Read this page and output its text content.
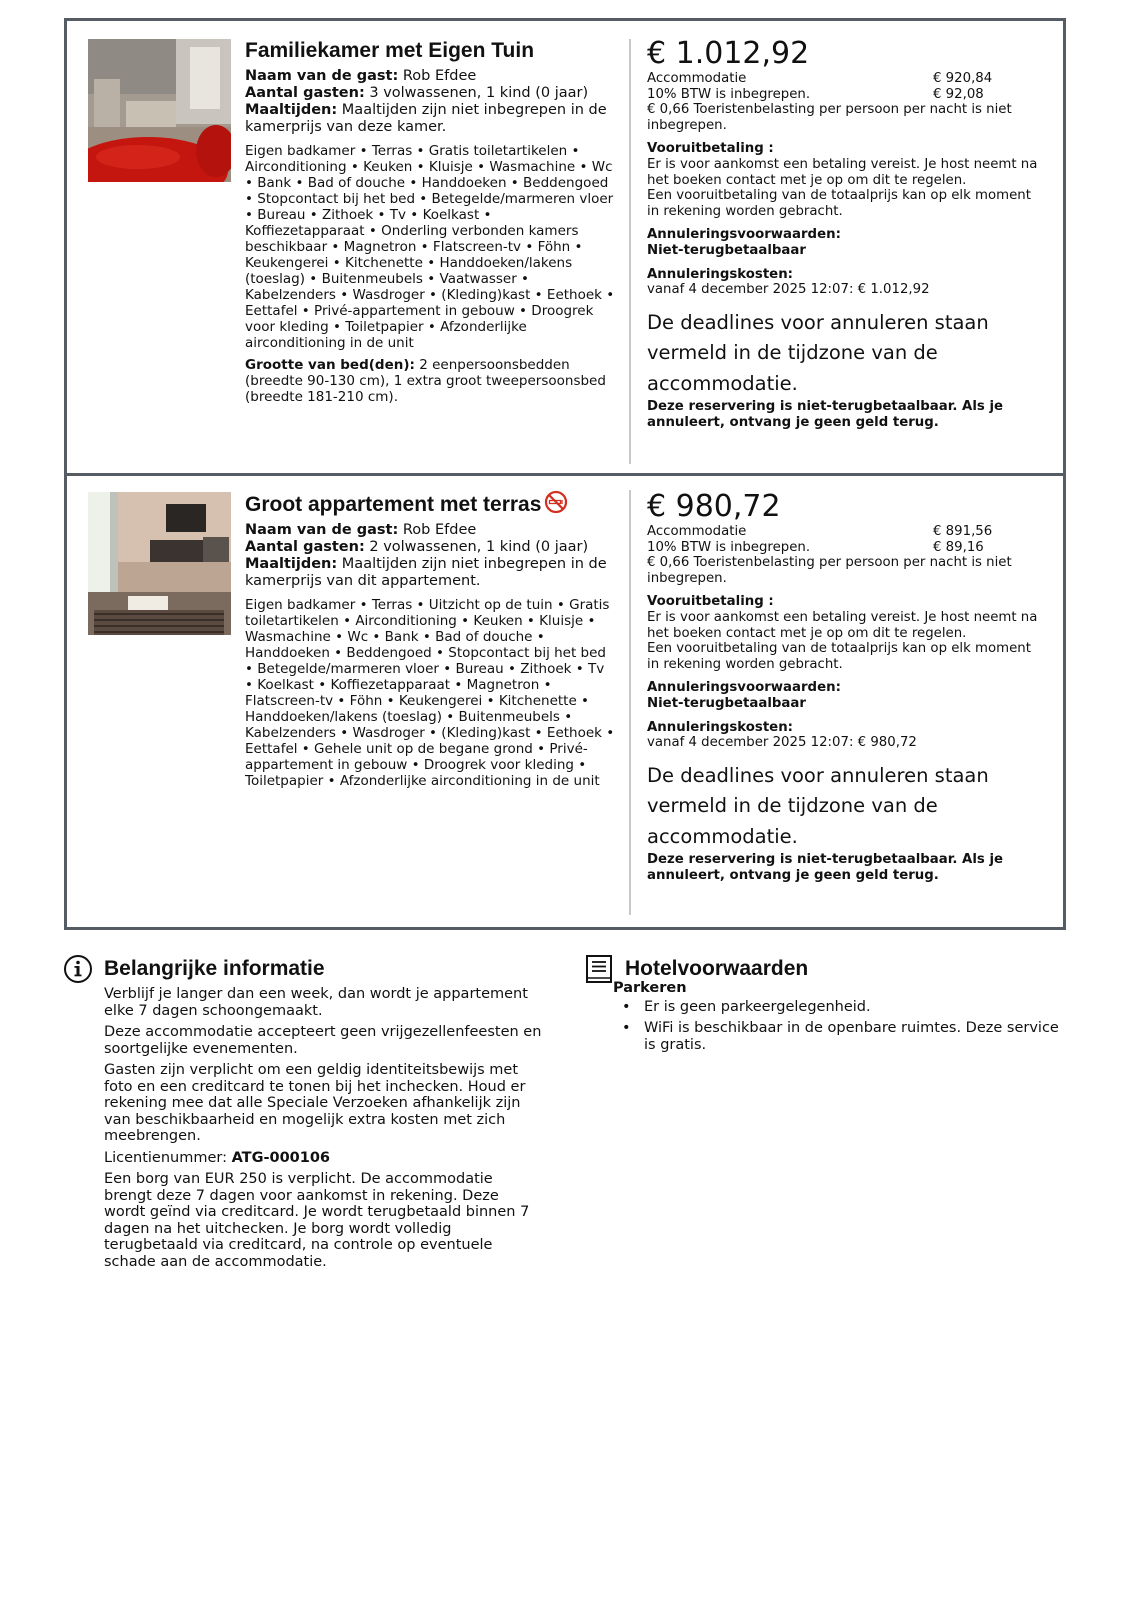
Familiekamer met Eigen Tuin
Naam van de gast: Rob Efdee
Aantal gasten: 3 volwassenen, 1 kind (0 jaar)
Maaltijden: Maaltijden zijn niet inbegrepen in de kamerprijs van deze kamer.
Eigen badkamer • Terras • Gratis toiletartikelen • Airconditioning • Keuken • Kluisje • Wasmachine • Wc • Bank • Bad of douche • Handdoeken • Beddengoed • Stopcontact bij het bed • Betegelde/marmeren vloer • Bureau • Zithoek • Tv • Koelkast • Koffiezetapparaat • Onderling verbonden kamers beschikbaar • Magnetron • Flatscreen-tv • Föhn • Keukengerei • Kitchenette • Handdoeken/lakens (toeslag) • Buitenmeubels • Vaatwasser • Kabelzenders • Wasdroger • (Kleding)kast • Eethoek • Eettafel • Privé-appartement in gebouw • Droogrek voor kleding • Toiletpapier • Afzonderlijke airconditioning in de unit
Grootte van bed(den): 2 eenpersoonsbedden (breedte 90-130 cm), 1 extra groot tweepersoonsbed (breedte 181-210 cm).
€ 1.012,92
Accommodatie	€ 920,84
10% BTW is inbegrepen.	€ 92,08
€ 0,66 Toeristenbelasting per persoon per nacht is niet inbegrepen.
Vooruitbetaling :
Er is voor aankomst een betaling vereist. Je host neemt na het boeken contact met je op om dit te regelen.
Een vooruitbetaling van de totaalprijs kan op elk moment in rekening worden gebracht.
Annuleringsvoorwaarden:
Niet-terugbetaalbaar
Annuleringskosten:
vanaf 4 december 2025 12:07: € 1.012,92
De deadlines voor annuleren staan vermeld in de tijdzone van de accommodatie.
Deze reservering is niet-terugbetaalbaar. Als je annuleert, ontvang je geen geld terug.
Groot appartement met terras
Naam van de gast: Rob Efdee
Aantal gasten: 2 volwassenen, 1 kind (0 jaar)
Maaltijden: Maaltijden zijn niet inbegrepen in de kamerprijs van dit appartement.
Eigen badkamer • Terras • Uitzicht op de tuin • Gratis toiletartikelen • Airconditioning • Keuken • Kluisje • Wasmachine • Wc • Bank • Bad of douche • Handdoeken • Beddengoed • Stopcontact bij het bed • Betegelde/marmeren vloer • Bureau • Zithoek • Tv • Koelkast • Koffiezetapparaat • Magnetron • Flatscreen-tv • Föhn • Keukengerei • Kitchenette • Handdoeken/lakens (toeslag) • Buitenmeubels • Kabelzenders • Wasdroger • (Kleding)kast • Eethoek • Eettafel • Gehele unit op de begane grond • Privé-appartement in gebouw • Droogrek voor kleding • Toiletpapier • Afzonderlijke airconditioning in de unit
€ 980,72
Accommodatie	€ 891,56
10% BTW is inbegrepen.	€ 89,16
€ 0,66 Toeristenbelasting per persoon per nacht is niet inbegrepen.
Vooruitbetaling :
Er is voor aankomst een betaling vereist. Je host neemt na het boeken contact met je op om dit te regelen.
Een vooruitbetaling van de totaalprijs kan op elk moment in rekening worden gebracht.
Annuleringsvoorwaarden:
Niet-terugbetaalbaar
Annuleringskosten:
vanaf 4 december 2025 12:07: € 980,72
De deadlines voor annuleren staan vermeld in de tijdzone van de accommodatie.
Deze reservering is niet-terugbetaalbaar. Als je annuleert, ontvang je geen geld terug.
Belangrijke informatie

Verblijf je langer dan een week, dan wordt je appartement elke 7 dagen schoongemaakt.

Deze accommodatie accepteert geen vrijgezellenfeesten en soortgelijke evenementen.

Gasten zijn verplicht om een geldig identiteitsbewijs met foto en een creditcard te tonen bij het inchecken. Houd er rekening mee dat alle Speciale Verzoeken afhankelijk zijn van beschikbaarheid en mogelijk extra kosten met zich meebrengen.

Licentienummer: ATG-000106

Een borg van EUR 250 is verplicht. De accommodatie brengt deze 7 dagen voor aankomst in rekening. Deze wordt geïnd via creditcard. Je wordt terugbetaald binnen 7 dagen na het uitchecken. Je borg wordt volledig terugbetaald via creditcard, na controle op eventuele schade aan de accommodatie.

Hotelvoorwaarden
Parkeren
• Er is geen parkeergelegenheid.
• WiFi is beschikbaar in de openbare ruimtes. Deze service is gratis.
